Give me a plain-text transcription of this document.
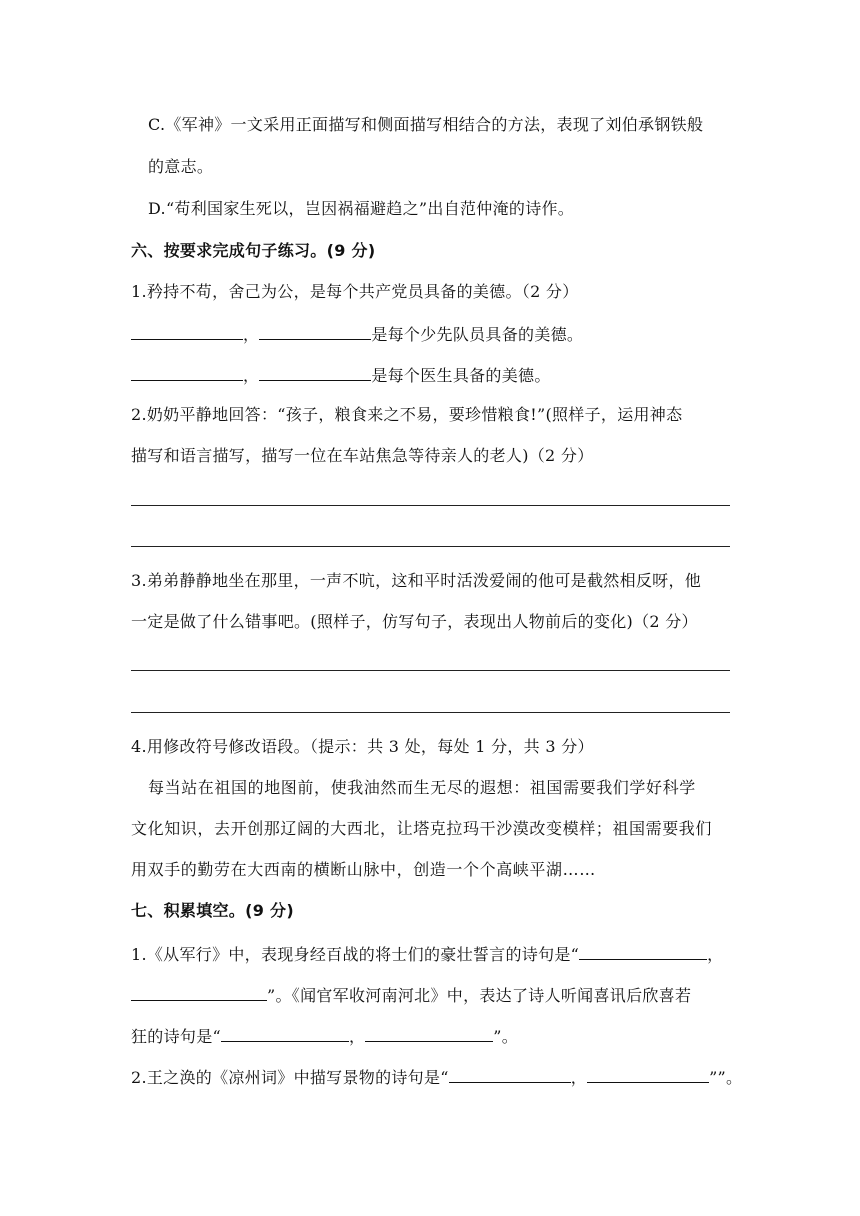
C.《军神》一文采用正面描写和侧面描写相结合的方法，表现了刘伯承钢铁般
的意志。
D.“苟利国家生死以，岂因祸福避趋之”出自范仲淹的诗作。
六、按要求完成句子练习。(9 分)
1.矜持不苟，舍己为公，是每个共产党员具备的美德。（2 分）
，	是每个少先队员具备的美德。
，	是每个医生具备的美德。
2.奶奶平静地回答：“孩子，粮食来之不易，要珍惜粮食!”(照样子，运用神态
描写和语言描写，描写一位在车站焦急等待亲人的老人)（2 分）
3.弟弟静静地坐在那里，一声不吭，这和平时活泼爱闹的他可是截然相反呀，他
一定是做了什么错事吧。(照样子，仿写句子，表现出人物前后的变化)（2 分）
4.用修改符号修改语段。（提示：共 3 处，每处 1 分，共 3 分）
每当站在祖国的地图前，使我油然而生无尽的遐想：祖国需要我们学好科学
文化知识，去开创那辽阔的大西北，让塔克拉玛干沙漠改变模样；祖国需要我们
用双手的勤劳在大西南的横断山脉中，创造一个个高峡平湖……
七、积累填空。(9 分)
1.《从军行》中，表现身经百战的将士们的豪壮誓言的诗句是“	，
”。《闻官军收河南河北》中，表达了诗人听闻喜讯后欣喜若
狂的诗句是“	，	”。
2.王之涣的《凉州词》中描写景物的诗句是“	，	””。
